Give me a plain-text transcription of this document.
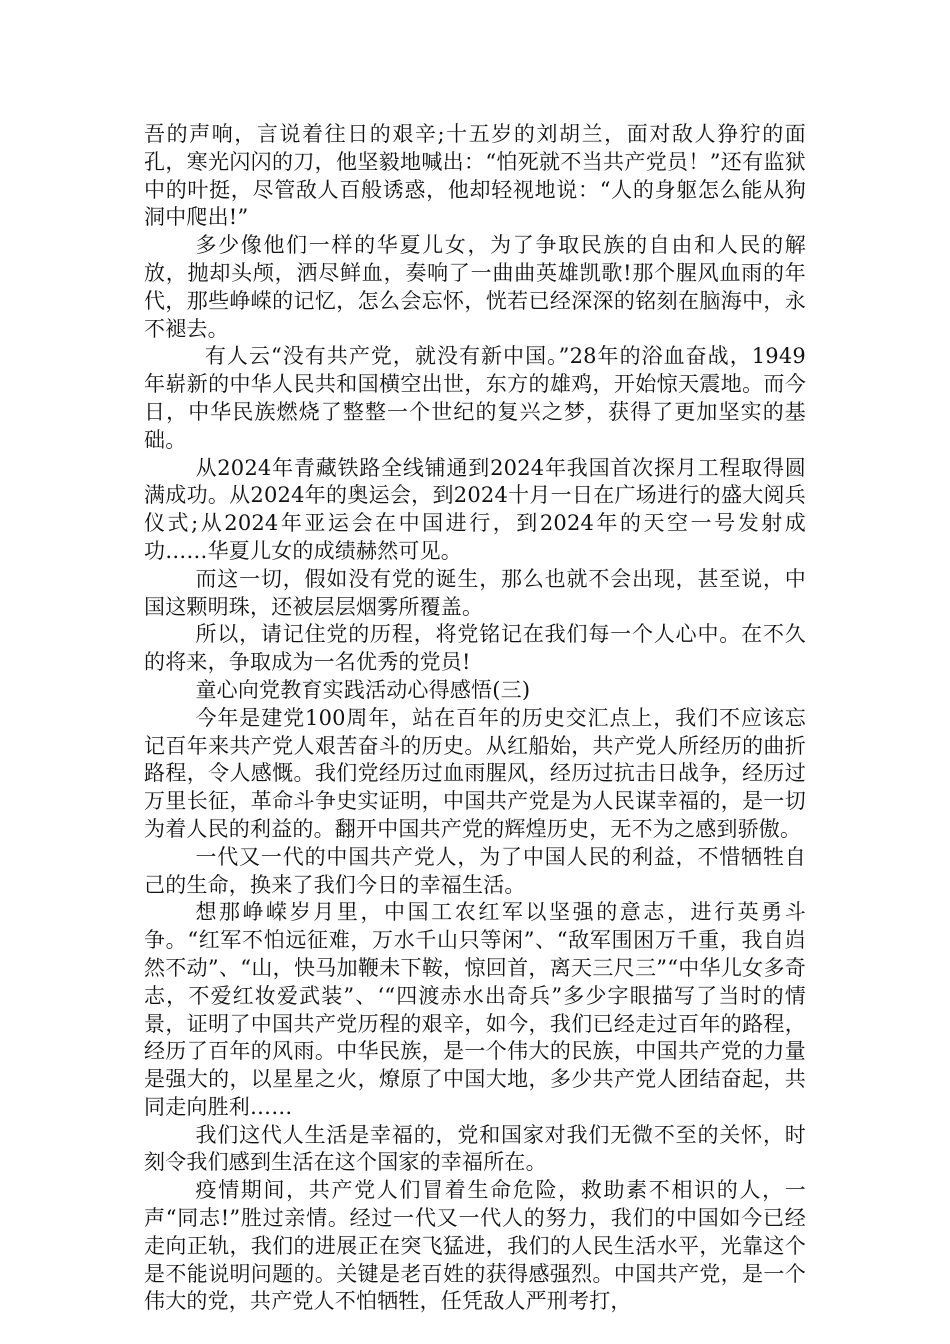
吾的声响，言说着往日的艰辛;十五岁的刘胡兰，面对敌人狰狞的面孔，寒光闪闪的刀，他坚毅地喊出：“怕死就不当共产党员！”还有监狱中的叶挺，尽管敌人百般诱惑，他却轻视地说：“人的身躯怎么能从狗洞中爬出!”

多少像他们一样的华夏儿女，为了争取民族的自由和人民的解放，抛却头颅，洒尽鲜血，奏响了一曲曲英雄凯歌!那个腥风血雨的年代，那些峥嵘的记忆，怎么会忘怀，恍若已经深深的铭刻在脑海中，永不褪去。

有人云“没有共产党，就没有新中国。”28年的浴血奋战，1949年崭新的中华人民共和国横空出世，东方的雄鸡，开始惊天震地。而今日，中华民族燃烧了整整一个世纪的复兴之梦，获得了更加坚实的基础。

从2024年青藏铁路全线铺通到2024年我国首次探月工程取得圆满成功。从2024年的奥运会，到2024十月一日在广场进行的盛大阅兵仪式;从2024年亚运会在中国进行，到2024年的天空一号发射成功……华夏儿女的成绩赫然可见。

而这一切，假如没有党的诞生，那么也就不会出现，甚至说，中国这颗明珠，还被层层烟雾所覆盖。

所以，请记住党的历程，将党铭记在我们每一个人心中。在不久的将来，争取成为一名优秀的党员!

童心向党教育实践活动心得感悟(三)

今年是建党100周年，站在百年的历史交汇点上，我们不应该忘记百年来共产党人艰苦奋斗的历史。从红船始，共产党人所经历的曲折路程，令人感慨。我们党经历过血雨腥风，经历过抗击日战争，经历过万里长征，革命斗争史实证明，中国共产党是为人民谋幸福的，是一切为着人民的利益的。翻开中国共产党的辉煌历史，无不为之感到骄傲。

一代又一代的中国共产党人，为了中国人民的利益，不惜牺牲自己的生命，换来了我们今日的幸福生活。

想那峥嵘岁月里，中国工农红军以坚强的意志，进行英勇斗争。“红军不怕远征难，万水千山只等闲”、“敌军围困万千重，我自岿然不动”、“山，快马加鞭未下鞍，惊回首，离天三尺三”“中华儿女多奇志，不爱红妆爱武装”、‘“四渡赤水出奇兵”多少字眼描写了当时的情景，证明了中国共产党历程的艰辛，如今，我们已经走过百年的路程，经历了百年的风雨。中华民族，是一个伟大的民族，中国共产党的力量是强大的，以星星之火，燎原了中国大地，多少共产党人团结奋起，共同走向胜利……

我们这代人生活是幸福的，党和国家对我们无微不至的关怀，时刻令我们感到生活在这个国家的幸福所在。

疫情期间，共产党人们冒着生命危险，救助素不相识的人，一声“同志!”胜过亲情。经过一代又一代人的努力，我们的中国如今已经走向正轨，我们的进展正在突飞猛进，我们的人民生活水平，光靠这个是不能说明问题的。关键是老百姓的获得感强烈。中国共产党，是一个伟大的党，共产党人不怕牺牲，任凭敌人严刑考打，
